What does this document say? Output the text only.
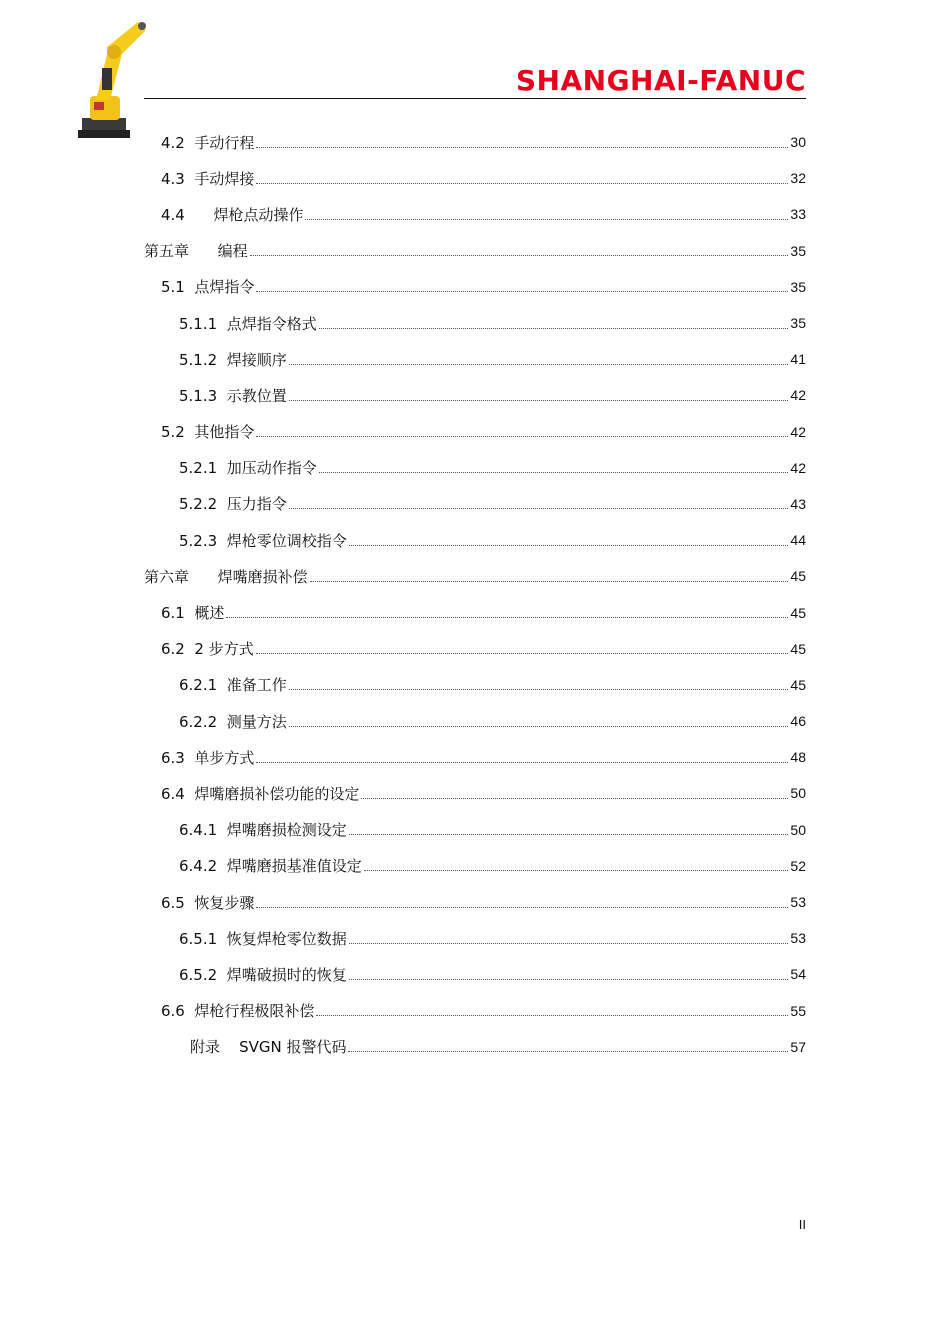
SHANGHAI-FANUC
4.2  手动行程	30
4.3  手动焊接	32
4.4      焊枪点动操作	33
第五章      编程	35
5.1  点焊指令	35
5.1.1  点焊指令格式	35
5.1.2  焊接顺序	41
5.1.3  示教位置	42
5.2  其他指令	42
5.2.1  加压动作指令	42
5.2.2  压力指令	43
5.2.3  焊枪零位调校指令	44
第六章      焊嘴磨损补偿	45
6.1  概述	45
6.2  2 步方式	45
6.2.1  准备工作	45
6.2.2  测量方法	46
6.3  单步方式	48
6.4  焊嘴磨损补偿功能的设定	50
6.4.1  焊嘴磨损检测设定	50
6.4.2  焊嘴磨损基准值设定	52
6.5  恢复步骤	53
6.5.1  恢复焊枪零位数据	53
6.5.2  焊嘴破损时的恢复	54
6.6  焊枪行程极限补偿	55
附录    SVGN 报警代码	57
II
